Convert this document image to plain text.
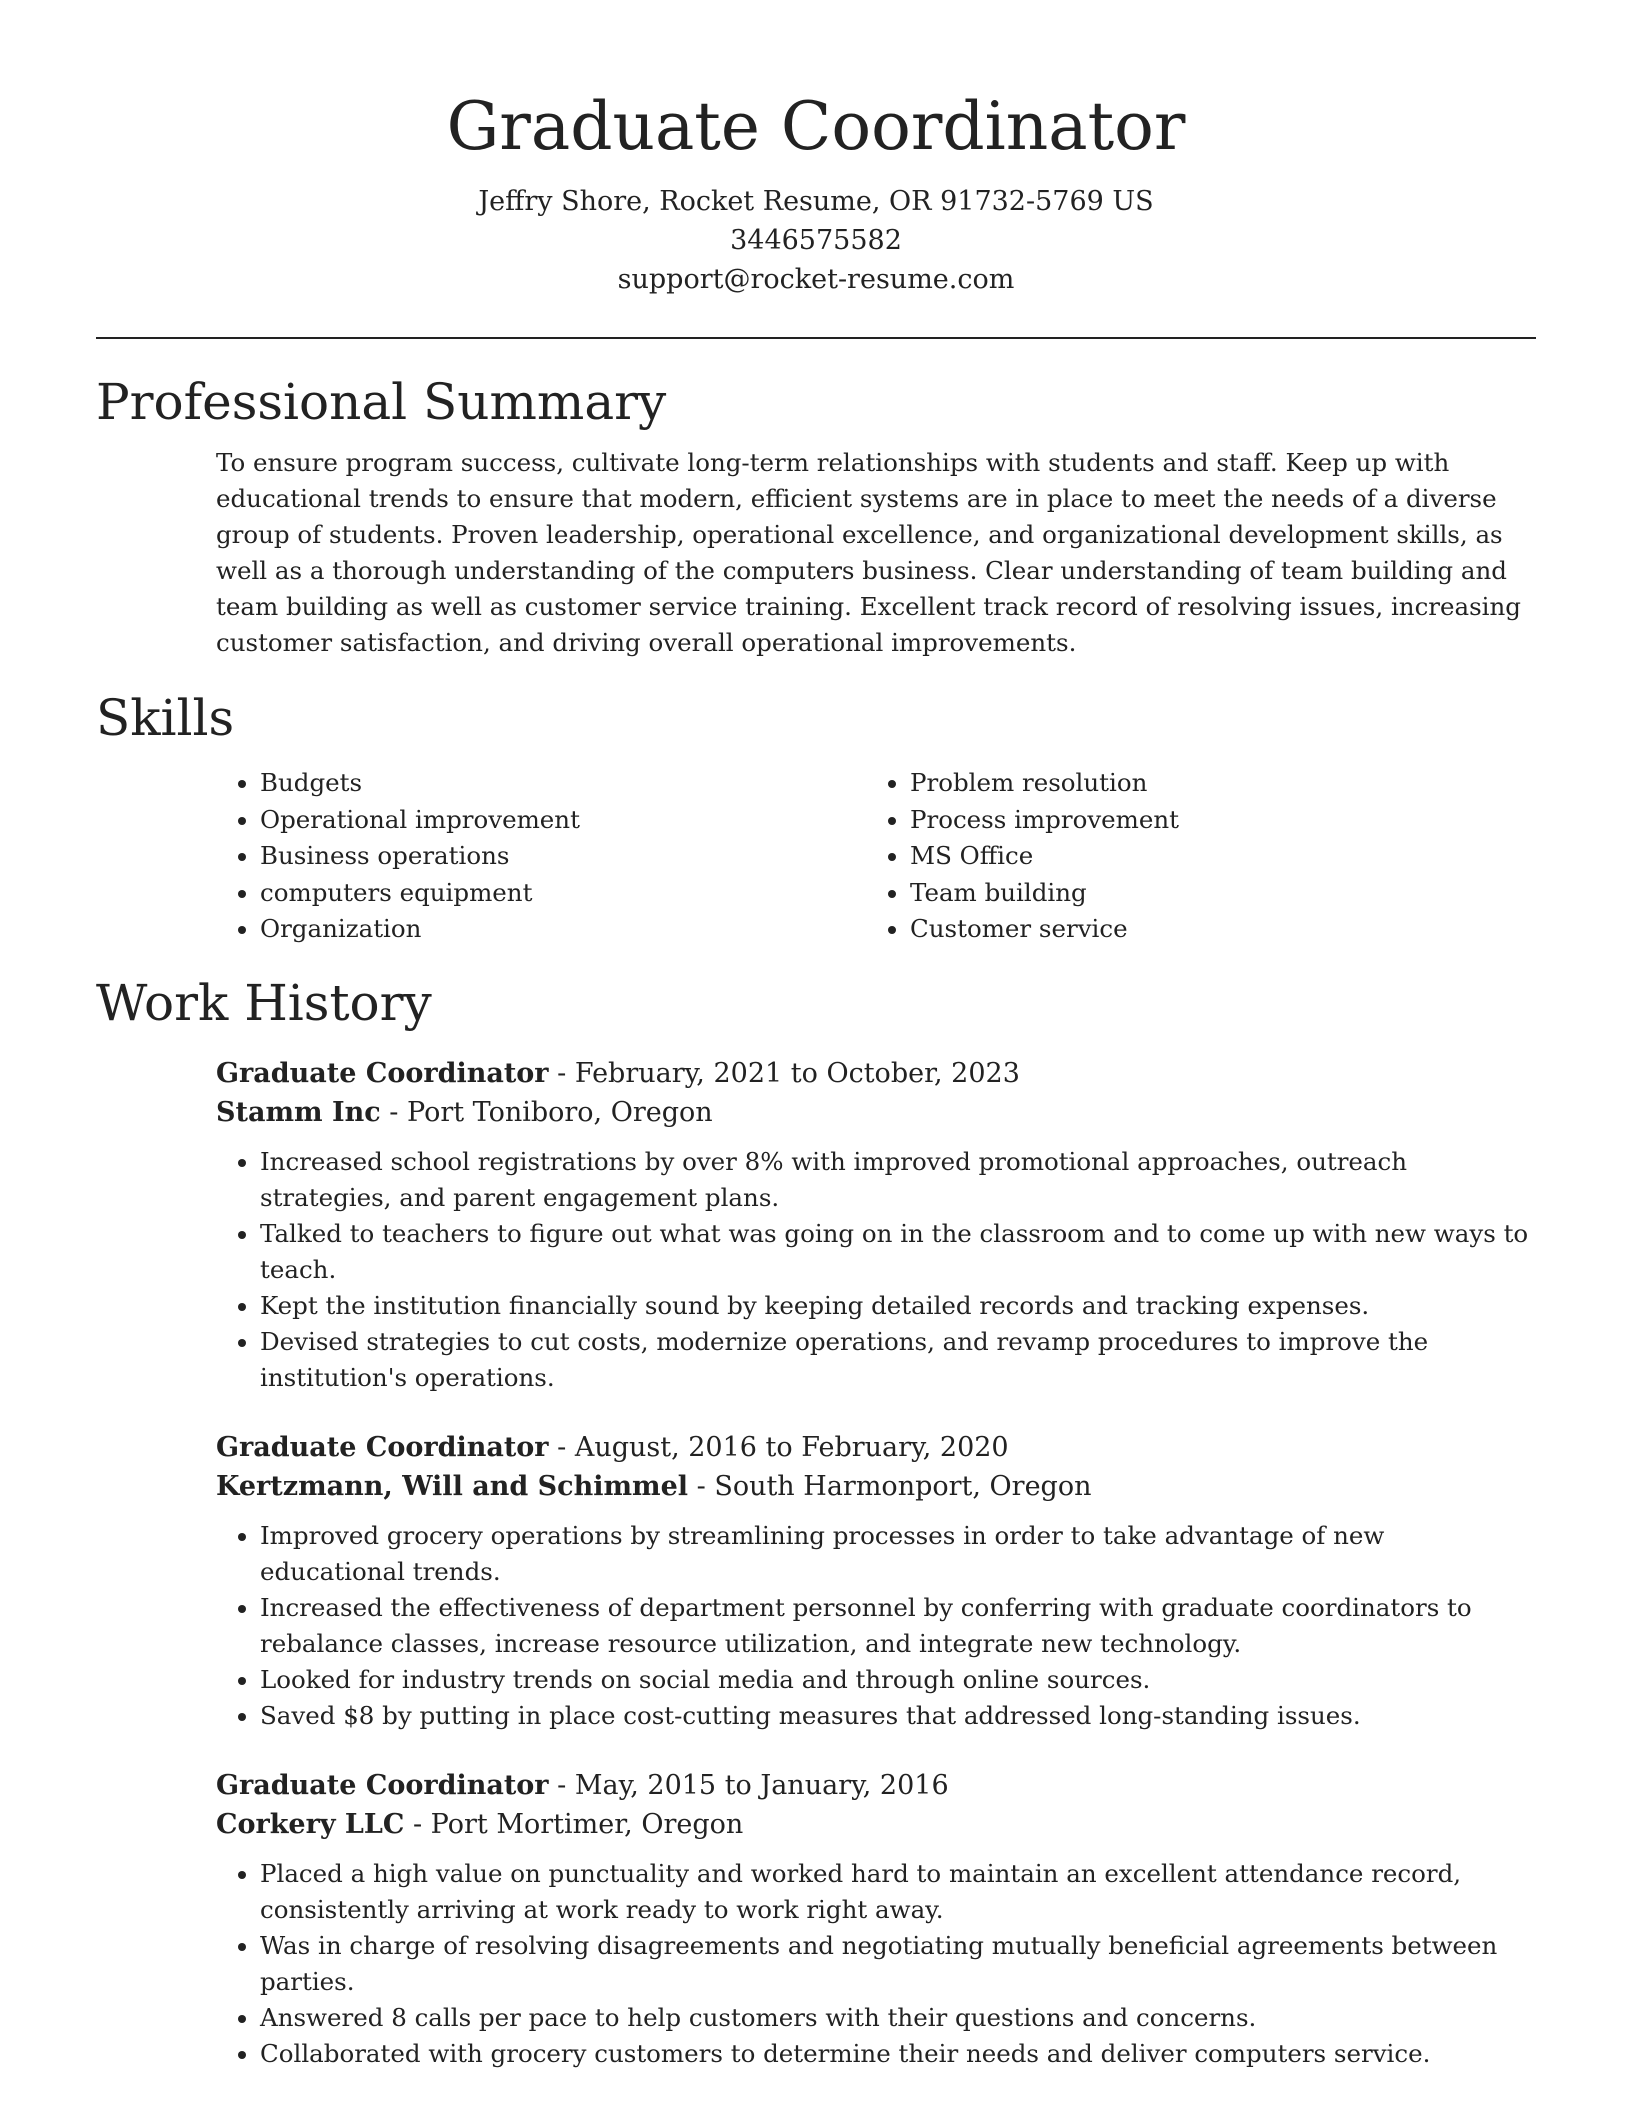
Graduate Coordinator

Jeffry Shore, Rocket Resume, OR 91732-5769 US

3446575582

support@rocket-resume.com

Professional Summary

To ensure program success, cultivate long-term relationships with students and staff. Keep up with educational trends to ensure that modern, efficient systems are in place to meet the needs of a diverse group of students. Proven leadership, operational excellence, and organizational development skills, as well as a thorough understanding of the computers business. Clear understanding of team building and team building as well as customer service training. Excellent track record of resolving issues, increasing customer satisfaction, and driving overall operational improvements.

Skills
• Budgets
• Operational improvement
• Business operations
• computers equipment
• Organization
• Problem resolution
• Process improvement
• MS Office
• Team building
• Customer service
Work History

Graduate Coordinator - February, 2021 to October, 2023

Stamm Inc - Port Toniboro, Oregon

• Increased school registrations by over 8% with improved promotional approaches, outreach strategies, and parent engagement plans.
• Talked to teachers to figure out what was going on in the classroom and to come up with new ways to teach.
• Kept the institution financially sound by keeping detailed records and tracking expenses.
• Devised strategies to cut costs, modernize operations, and revamp procedures to improve the institution's operations.

Graduate Coordinator - August, 2016 to February, 2020

Kertzmann, Will and Schimmel - South Harmonport, Oregon

• Improved grocery operations by streamlining processes in order to take advantage of new educational trends.
• Increased the effectiveness of department personnel by conferring with graduate coordinators to rebalance classes, increase resource utilization, and integrate new technology.
• Looked for industry trends on social media and through online sources.
• Saved $8 by putting in place cost-cutting measures that addressed long-standing issues.

Graduate Coordinator - May, 2015 to January, 2016

Corkery LLC - Port Mortimer, Oregon

• Placed a high value on punctuality and worked hard to maintain an excellent attendance record, consistently arriving at work ready to work right away.
• Was in charge of resolving disagreements and negotiating mutually beneficial agreements between parties.
• Answered 8 calls per pace to help customers with their questions and concerns.
• Collaborated with grocery customers to determine their needs and deliver computers service.
